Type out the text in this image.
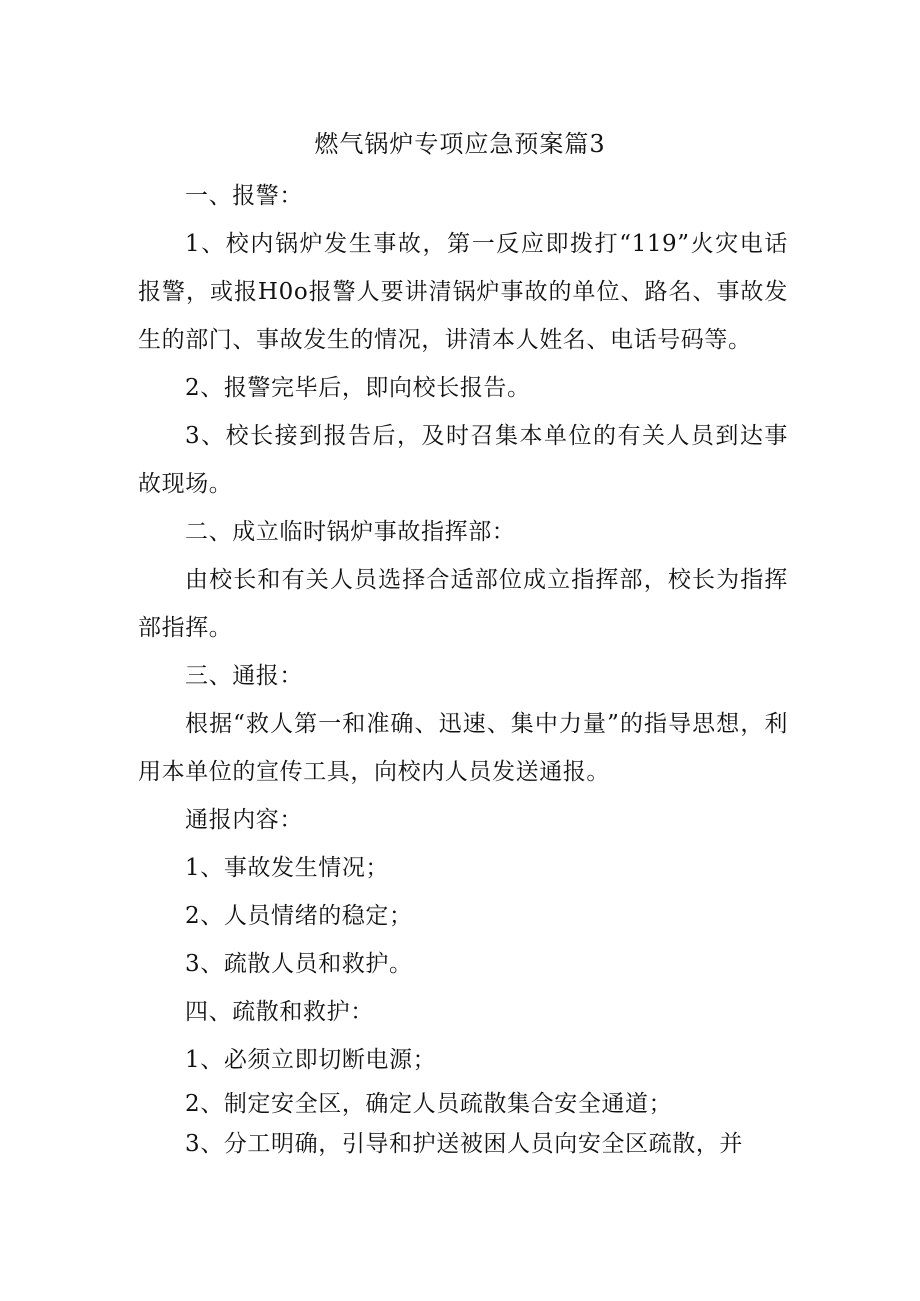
燃气锅炉专项应急预案篇3

一、报警：

1、校内锅炉发生事故，第一反应即拨打“119”火灾电话报警，或报H0o报警人要讲清锅炉事故的单位、路名、事故发生的部门、事故发生的情况，讲清本人姓名、电话号码等。

2、报警完毕后，即向校长报告。

3、校长接到报告后，及时召集本单位的有关人员到达事故现场。

二、成立临时锅炉事故指挥部：

由校长和有关人员选择合适部位成立指挥部，校长为指挥部指挥。

三、通报：

根据“救人第一和准确、迅速、集中力量”的指导思想，利用本单位的宣传工具，向校内人员发送通报。

通报内容：

1、事故发生情况；

2、人员情绪的稳定；

3、疏散人员和救护。

四、疏散和救护：

1、必须立即切断电源；

2、制定安全区，确定人员疏散集合安全通道；

3、分工明确，引导和护送被困人员向安全区疏散，并
